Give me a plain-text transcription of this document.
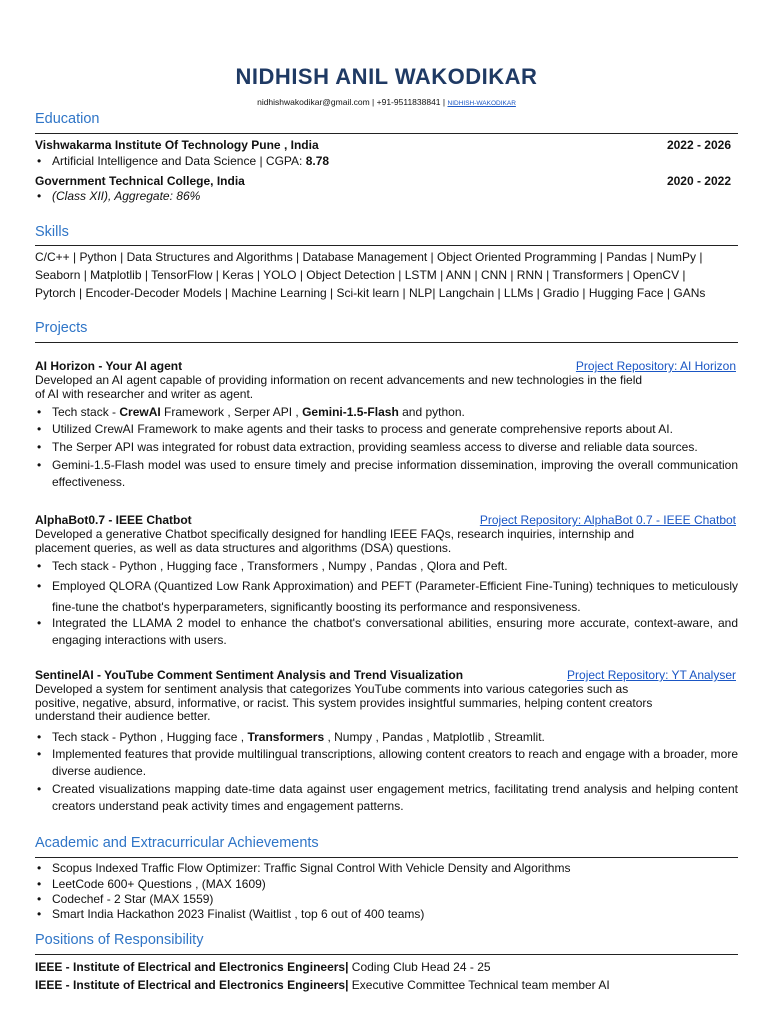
NIDHISH ANIL WAKODIKAR
nidhishwakodikar@gmail.com | +91-9511838841 | NIDHISH-WAKODIKAR
Education
Vishwakarma Institute Of Technology Pune , India	2022 - 2026
• Artificial Intelligence and Data Science | CGPA: 8.78
Government Technical College, India	2020 - 2022
• (Class XII), Aggregate: 86%
Skills
C/C++ | Python | Data Structures and Algorithms | Database Management | Object Oriented Programming | Pandas | NumPy |
Seaborn | Matplotlib | TensorFlow | Keras | YOLO | Object Detection | LSTM | ANN | CNN | RNN | Transformers | OpenCV |
Pytorch | Encoder-Decoder Models | Machine Learning | Sci-kit learn | NLP| Langchain | LLMs | Gradio | Hugging Face | GANs
Projects
AI Horizon - Your AI agent	Project Repository: AI Horizon
Developed an AI agent capable of providing information on recent advancements and new technologies in the field
of AI with researcher and writer as agent.
• Tech stack - CrewAI Framework , Serper API , Gemini-1.5-Flash and python.
• Utilized CrewAI Framework to make agents and their tasks to process and generate comprehensive reports about AI.
• The Serper API was integrated for robust data extraction, providing seamless access to diverse and reliable data sources.
• Gemini-1.5-Flash model was used to ensure timely and precise information dissemination, improving the overall communication effectiveness.
AlphaBot0.7 - IEEE Chatbot	Project Repository: AlphaBot 0.7 - IEEE Chatbot
Developed a generative Chatbot specifically designed for handling IEEE FAQs, research inquiries, internship and
placement queries, as well as data structures and algorithms (DSA) questions.
• Tech stack - Python , Hugging face , Transformers , Numpy , Pandas , Qlora and Peft.
• Employed QLORA (Quantized Low Rank Approximation) and PEFT (Parameter-Efficient Fine-Tuning) techniques to meticulously fine-tune the chatbot's hyperparameters, significantly boosting its performance and responsiveness.
• Integrated the LLAMA 2 model to enhance the chatbot's conversational abilities, ensuring more accurate, context-aware, and engaging interactions with users.
SentinelAI - YouTube Comment Sentiment Analysis and Trend Visualization	Project Repository: YT Analyser
Developed a system for sentiment analysis that categorizes YouTube comments into various categories such as
positive, negative, absurd, informative, or racist. This system provides insightful summaries, helping content creators
understand their audience better.
• Tech stack - Python , Hugging face , Transformers , Numpy , Pandas , Matplotlib , Streamlit.
• Implemented features that provide multilingual transcriptions, allowing content creators to reach and engage with a broader, more diverse audience.
• Created visualizations mapping date-time data against user engagement metrics, facilitating trend analysis and helping content creators understand peak activity times and engagement patterns.
Academic and Extracurricular Achievements
• Scopus Indexed Traffic Flow Optimizer: Traffic Signal Control With Vehicle Density and Algorithms
• LeetCode 600+ Questions , (MAX 1609)
• Codechef - 2 Star (MAX 1559)
• Smart India Hackathon 2023 Finalist (Waitlist , top 6 out of 400 teams)
Positions of Responsibility
IEEE - Institute of Electrical and Electronics Engineers| Coding Club Head 24 - 25
IEEE - Institute of Electrical and Electronics Engineers| Executive Committee Technical team member AI
